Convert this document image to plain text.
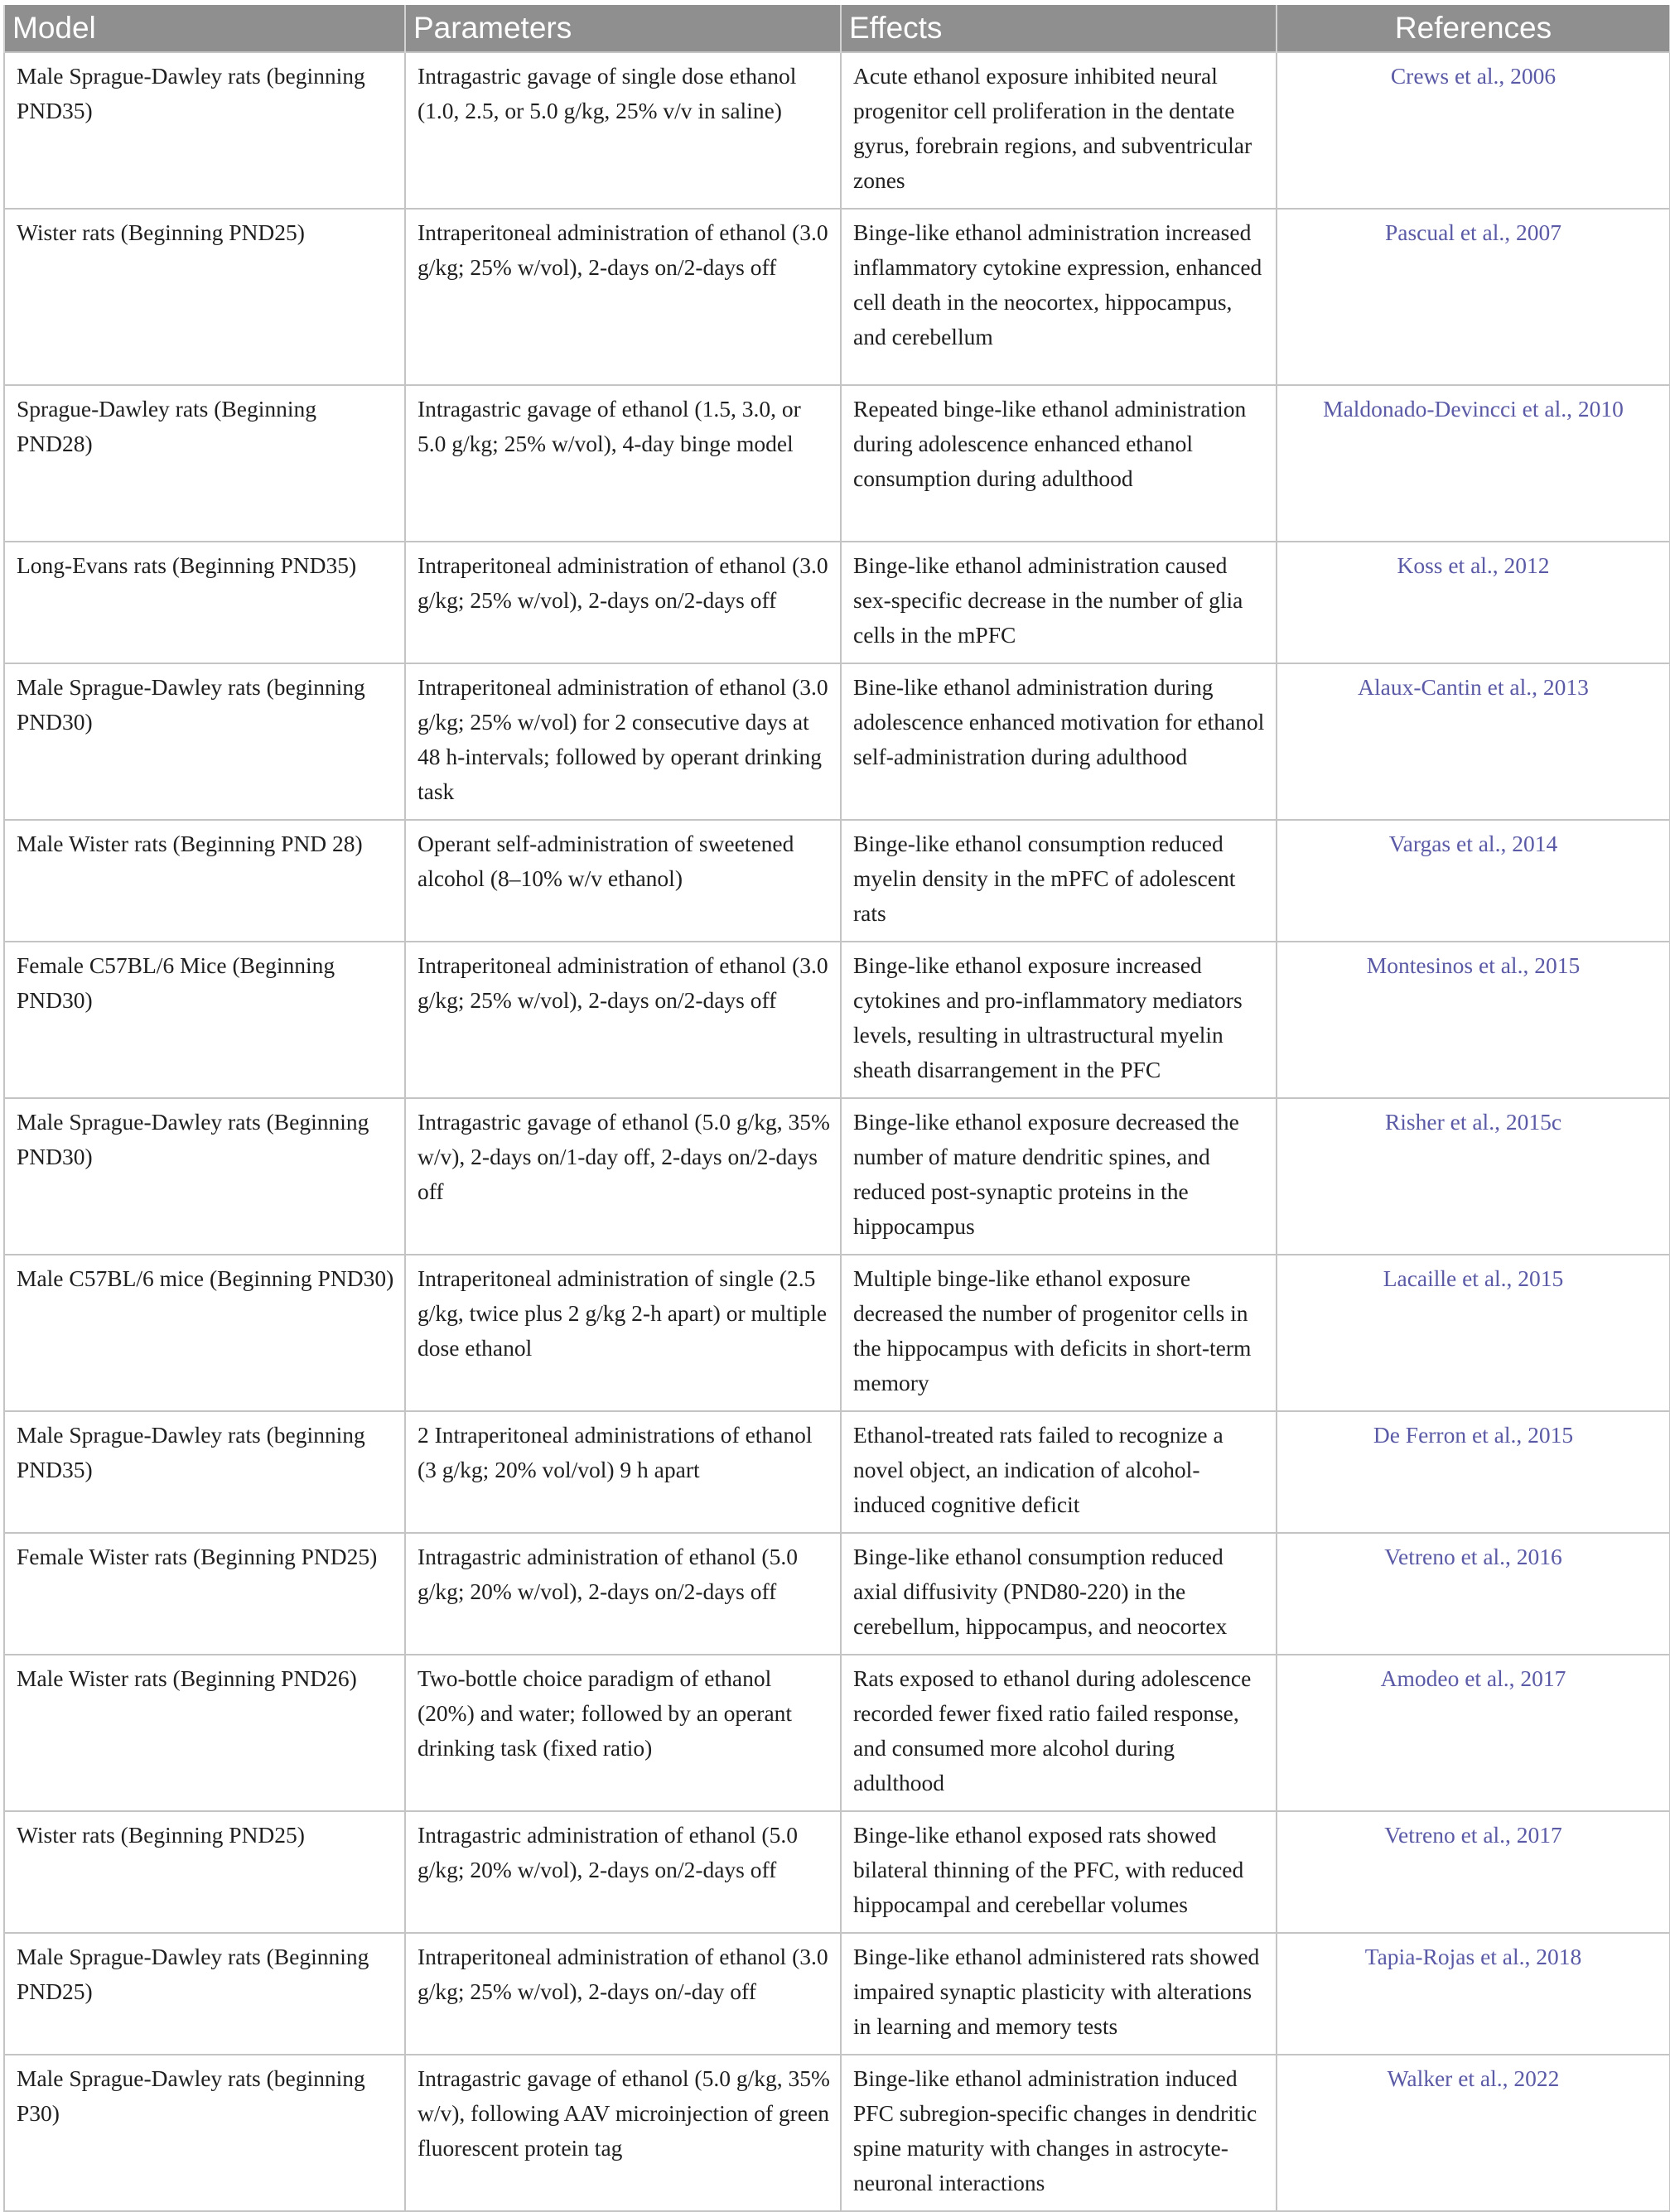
Model	Parameters	Effects	References
Male Sprague-Dawley rats (beginning PND35)	Intragastric gavage of single dose ethanol (1.0, 2.5, or 5.0 g/kg, 25% v/v in saline)	Acute ethanol exposure inhibited neural progenitor cell proliferation in the dentate gyrus, forebrain regions, and subventricular zones	Crews et al., 2006
Wister rats (Beginning PND25)	Intraperitoneal administration of ethanol (3.0 g/kg; 25% w/vol), 2-days on/2-days off	Binge-like ethanol administration increased inflammatory cytokine expression, enhanced cell death in the neocortex, hippocampus, and cerebellum	Pascual et al., 2007
Sprague-Dawley rats (Beginning PND28)	Intragastric gavage of ethanol (1.5, 3.0, or 5.0 g/kg; 25% w/vol), 4-day binge model	Repeated binge-like ethanol administration during adolescence enhanced ethanol consumption during adulthood	Maldonado-Devincci et al., 2010
Long-Evans rats (Beginning PND35)	Intraperitoneal administration of ethanol (3.0 g/kg; 25% w/vol), 2-days on/2-days off	Binge-like ethanol administration caused sex-specific decrease in the number of glia cells in the mPFC	Koss et al., 2012
Male Sprague-Dawley rats (beginning PND30)	Intraperitoneal administration of ethanol (3.0 g/kg; 25% w/vol) for 2 consecutive days at 48 h-intervals; followed by operant drinking task	Bine-like ethanol administration during adolescence enhanced motivation for ethanol self-administration during adulthood	Alaux-Cantin et al., 2013
Male Wister rats (Beginning PND 28)	Operant self-administration of sweetened alcohol (8–10% w/v ethanol)	Binge-like ethanol consumption reduced myelin density in the mPFC of adolescent rats	Vargas et al., 2014
Female C57BL/6 Mice (Beginning PND30)	Intraperitoneal administration of ethanol (3.0 g/kg; 25% w/vol), 2-days on/2-days off	Binge-like ethanol exposure increased cytokines and pro-inflammatory mediators levels, resulting in ultrastructural myelin sheath disarrangement in the PFC	Montesinos et al., 2015
Male Sprague-Dawley rats (Beginning PND30)	Intragastric gavage of ethanol (5.0 g/kg, 35% w/v), 2-days on/1-day off, 2-days on/2-days off	Binge-like ethanol exposure decreased the number of mature dendritic spines, and reduced post-synaptic proteins in the hippocampus	Risher et al., 2015c
Male C57BL/6 mice (Beginning PND30)	Intraperitoneal administration of single (2.5 g/kg, twice plus 2 g/kg 2-h apart) or multiple dose ethanol	Multiple binge-like ethanol exposure decreased the number of progenitor cells in the hippocampus with deficits in short-term memory	Lacaille et al., 2015
Male Sprague-Dawley rats (beginning PND35)	2 Intraperitoneal administrations of ethanol (3 g/kg; 20% vol/vol) 9 h apart	Ethanol-treated rats failed to recognize a novel object, an indication of alcohol-induced cognitive deficit	De Ferron et al., 2015
Female Wister rats (Beginning PND25)	Intragastric administration of ethanol (5.0 g/kg; 20% w/vol), 2-days on/2-days off	Binge-like ethanol consumption reduced axial diffusivity (PND80-220) in the cerebellum, hippocampus, and neocortex	Vetreno et al., 2016
Male Wister rats (Beginning PND26)	Two-bottle choice paradigm of ethanol (20%) and water; followed by an operant drinking task (fixed ratio)	Rats exposed to ethanol during adolescence recorded fewer fixed ratio failed response, and consumed more alcohol during adulthood	Amodeo et al., 2017
Wister rats (Beginning PND25)	Intragastric administration of ethanol (5.0 g/kg; 20% w/vol), 2-days on/2-days off	Binge-like ethanol exposed rats showed bilateral thinning of the PFC, with reduced hippocampal and cerebellar volumes	Vetreno et al., 2017
Male Sprague-Dawley rats (Beginning PND25)	Intraperitoneal administration of ethanol (3.0 g/kg; 25% w/vol), 2-days on/-day off	Binge-like ethanol administered rats showed impaired synaptic plasticity with alterations in learning and memory tests	Tapia-Rojas et al., 2018
Male Sprague-Dawley rats (beginning P30)	Intragastric gavage of ethanol (5.0 g/kg, 35% w/v), following AAV microinjection of green fluorescent protein tag	Binge-like ethanol administration induced PFC subregion-specific changes in dendritic spine maturity with changes in astrocyte-neuronal interactions	Walker et al., 2022
